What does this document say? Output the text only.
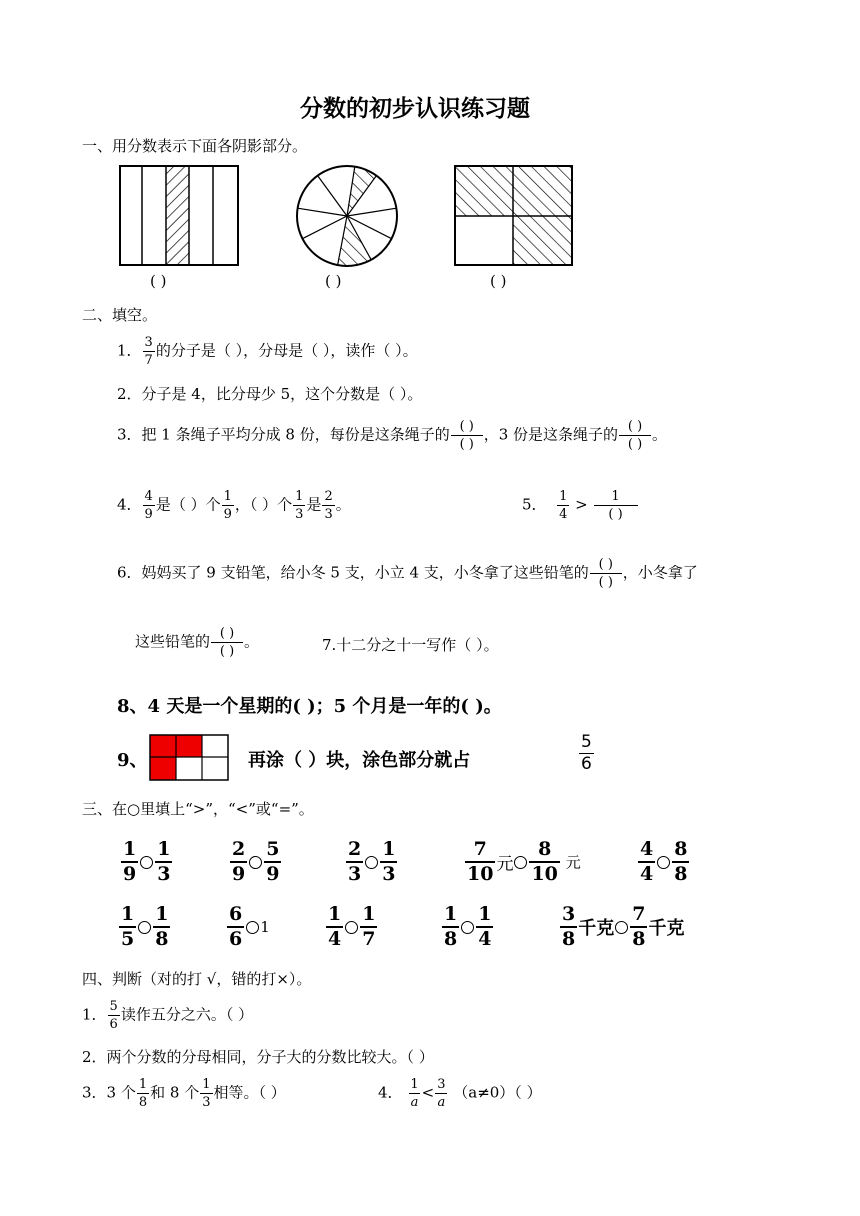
分数的初步认识练习题
一、用分数表示下面各阴影部分。
( )	( )	( )
二、填空。
1． $\frac{3}{7}$ 的分子是（ ），分母是（ ），读作（ ）。
2．分子是 4，比分母少 5，这个分数是（ ）。
3．把 1 条绳子平均分成 8 份，每份是这条绳子的 $\frac{( )}{( )}$ ，3 份是这条绳子的 $\frac{( )}{( )}$ 。
4． $\frac{4}{9}$ 是（ ）个 $\frac{1}{9}$ ，（ ）个 $\frac{1}{3}$ 是 $\frac{2}{3}$ 。	5． $\frac{1}{4} > \frac{1}{( )}$
6．妈妈买了 9 支铅笔，给小冬 5 支，小立 4 支，小冬拿了这些铅笔的 $\frac{( )}{( )}$ ，小冬拿了
这些铅笔的 $\frac{( )}{( )}$ 。	7.十二分之十一写作（ ）。
8、4 天是一个星期的( )；5 个月是一年的( )。
9、	再涂（ ）块，涂色部分就占	$\frac{5}{6}$
三、在○里填上“>”，“<”或“=”。
$\frac{1}{9} \frac{1}{3}$	$\frac{2}{9} \frac{5}{9}$	$\frac{2}{3} \frac{1}{3}$	$\frac{7}{10}$ 元 $\frac{8}{10}$ 元	$\frac{4}{4} \frac{8}{8}$
$\frac{1}{5} \frac{1}{8}$	$\frac{6}{6} 1$	$\frac{1}{4} \frac{1}{7}$	$\frac{1}{8} \frac{1}{4}$	$\frac{3}{8}$ 千克 $\frac{7}{8}$ 千克
四、判断（对的打 √，错的打×）。
1． $\frac{5}{6}$ 读作五分之六。（ ）
2．两个分数的分母相同，分子大的分数比较大。（ ）
3．3 个 $\frac{1}{8}$ 和 8 个 $\frac{1}{3}$ 相等。（ ）	4． $\frac{1}{a} < \frac{3}{a} (a\ne 0)$（ ）
